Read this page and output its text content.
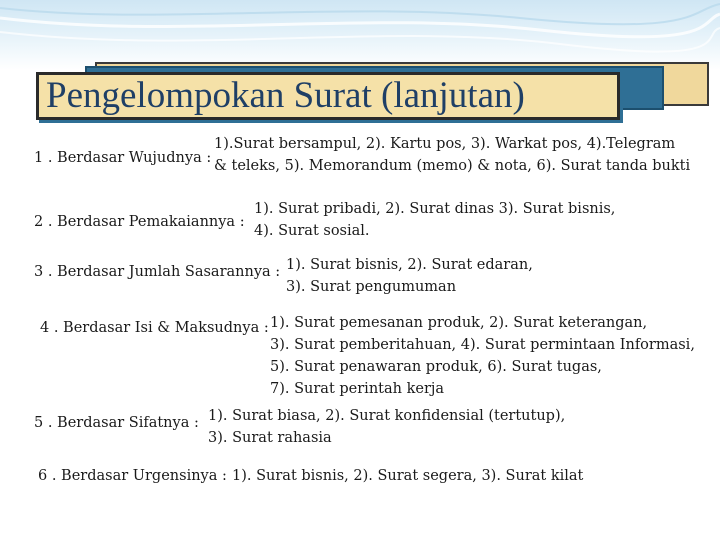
Pengelompokan Surat (lanjutan)
1 . Berdasar Wujudnya :
1).Surat bersampul, 2). Kartu pos, 3). Warkat pos, 4).Telegram
& teleks, 5). Memorandum (memo) & nota, 6). Surat tanda bukti
2 . Berdasar Pemakaiannya :
1). Surat pribadi, 2). Surat dinas 3). Surat bisnis,
4). Surat sosial.
3 . Berdasar Jumlah Sasarannya : 1). Surat bisnis, 2). Surat edaran,
3). Surat pengumuman
4 . Berdasar Isi & Maksudnya : 1). Surat pemesanan produk, 2). Surat keterangan,
3). Surat pemberitahuan, 4). Surat permintaan Informasi,
5). Surat penawaran produk, 6). Surat tugas,
7). Surat perintah kerja
5 . Berdasar Sifatnya : 1). Surat biasa, 2). Surat konfidensial (tertutup),
3). Surat rahasia
6 . Berdasar Urgensinya : 1). Surat bisnis, 2). Surat segera, 3). Surat kilat
